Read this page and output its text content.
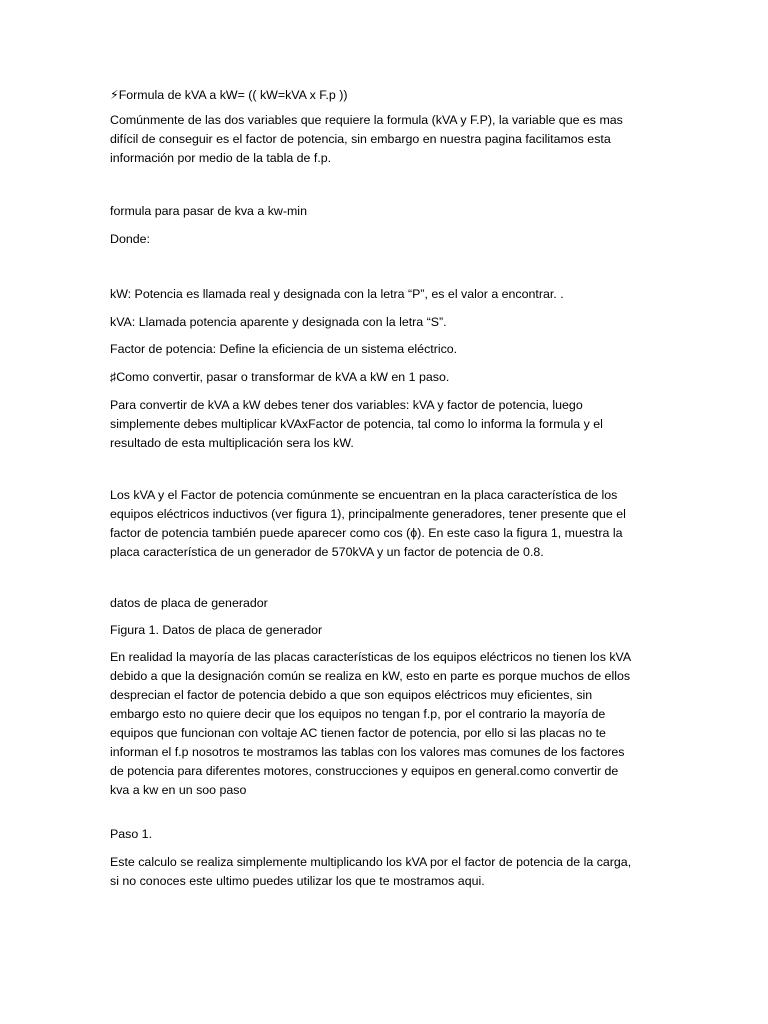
⚡Formula de kVA a kW= (( kW=kVA x F.p ))
Comúnmente de las dos variables que requiere la formula (kVA y F.P), la variable que es mas
difícil de conseguir es el factor de potencia, sin embargo en nuestra pagina facilitamos esta
información por medio de la tabla de f.p.
formula para pasar de kva a kw-min
Donde:
kW: Potencia es llamada real y designada con la letra “P”, es el valor a encontrar. .
kVA: Llamada potencia aparente y designada con la letra “S”.
Factor de potencia: Define la eficiencia de un sistema eléctrico.
♯Como convertir, pasar o transformar de kVA a kW en 1 paso.
Para convertir de kVA a kW debes tener dos variables: kVA y factor de potencia, luego
simplemente debes multiplicar kVAxFactor de potencia, tal como lo informa la formula y el
resultado de esta multiplicación sera los kW.
Los kVA y el Factor de potencia comúnmente se encuentran en la placa característica de los
equipos eléctricos inductivos (ver figura 1), principalmente generadores, tener presente que el
factor de potencia también puede aparecer como cos (ϕ). En este caso la figura 1, muestra la
placa característica de un generador de 570kVA y un factor de potencia de 0.8.
datos de placa de generador
Figura 1. Datos de placa de generador
En realidad la mayoría de las placas características de los equipos eléctricos no tienen los kVA
debido a que la designación común se realiza en kW, esto en parte es porque muchos de ellos
desprecian el factor de potencia debido a que son equipos eléctricos muy eficientes, sin
embargo esto no quiere decir que los equipos no tengan f.p, por el contrario la mayoría de
equipos que funcionan con voltaje AC tienen factor de potencia, por ello si las placas no te
informan el f.p nosotros te mostramos las tablas con los valores mas comunes de los factores
de potencia para diferentes motores, construcciones y equipos en general.como convertir de
kva a kw en un soo paso
Paso 1.
Este calculo se realiza simplemente multiplicando los kVA por el factor de potencia de la carga,
si no conoces este ultimo puedes utilizar los que te mostramos aqui.
